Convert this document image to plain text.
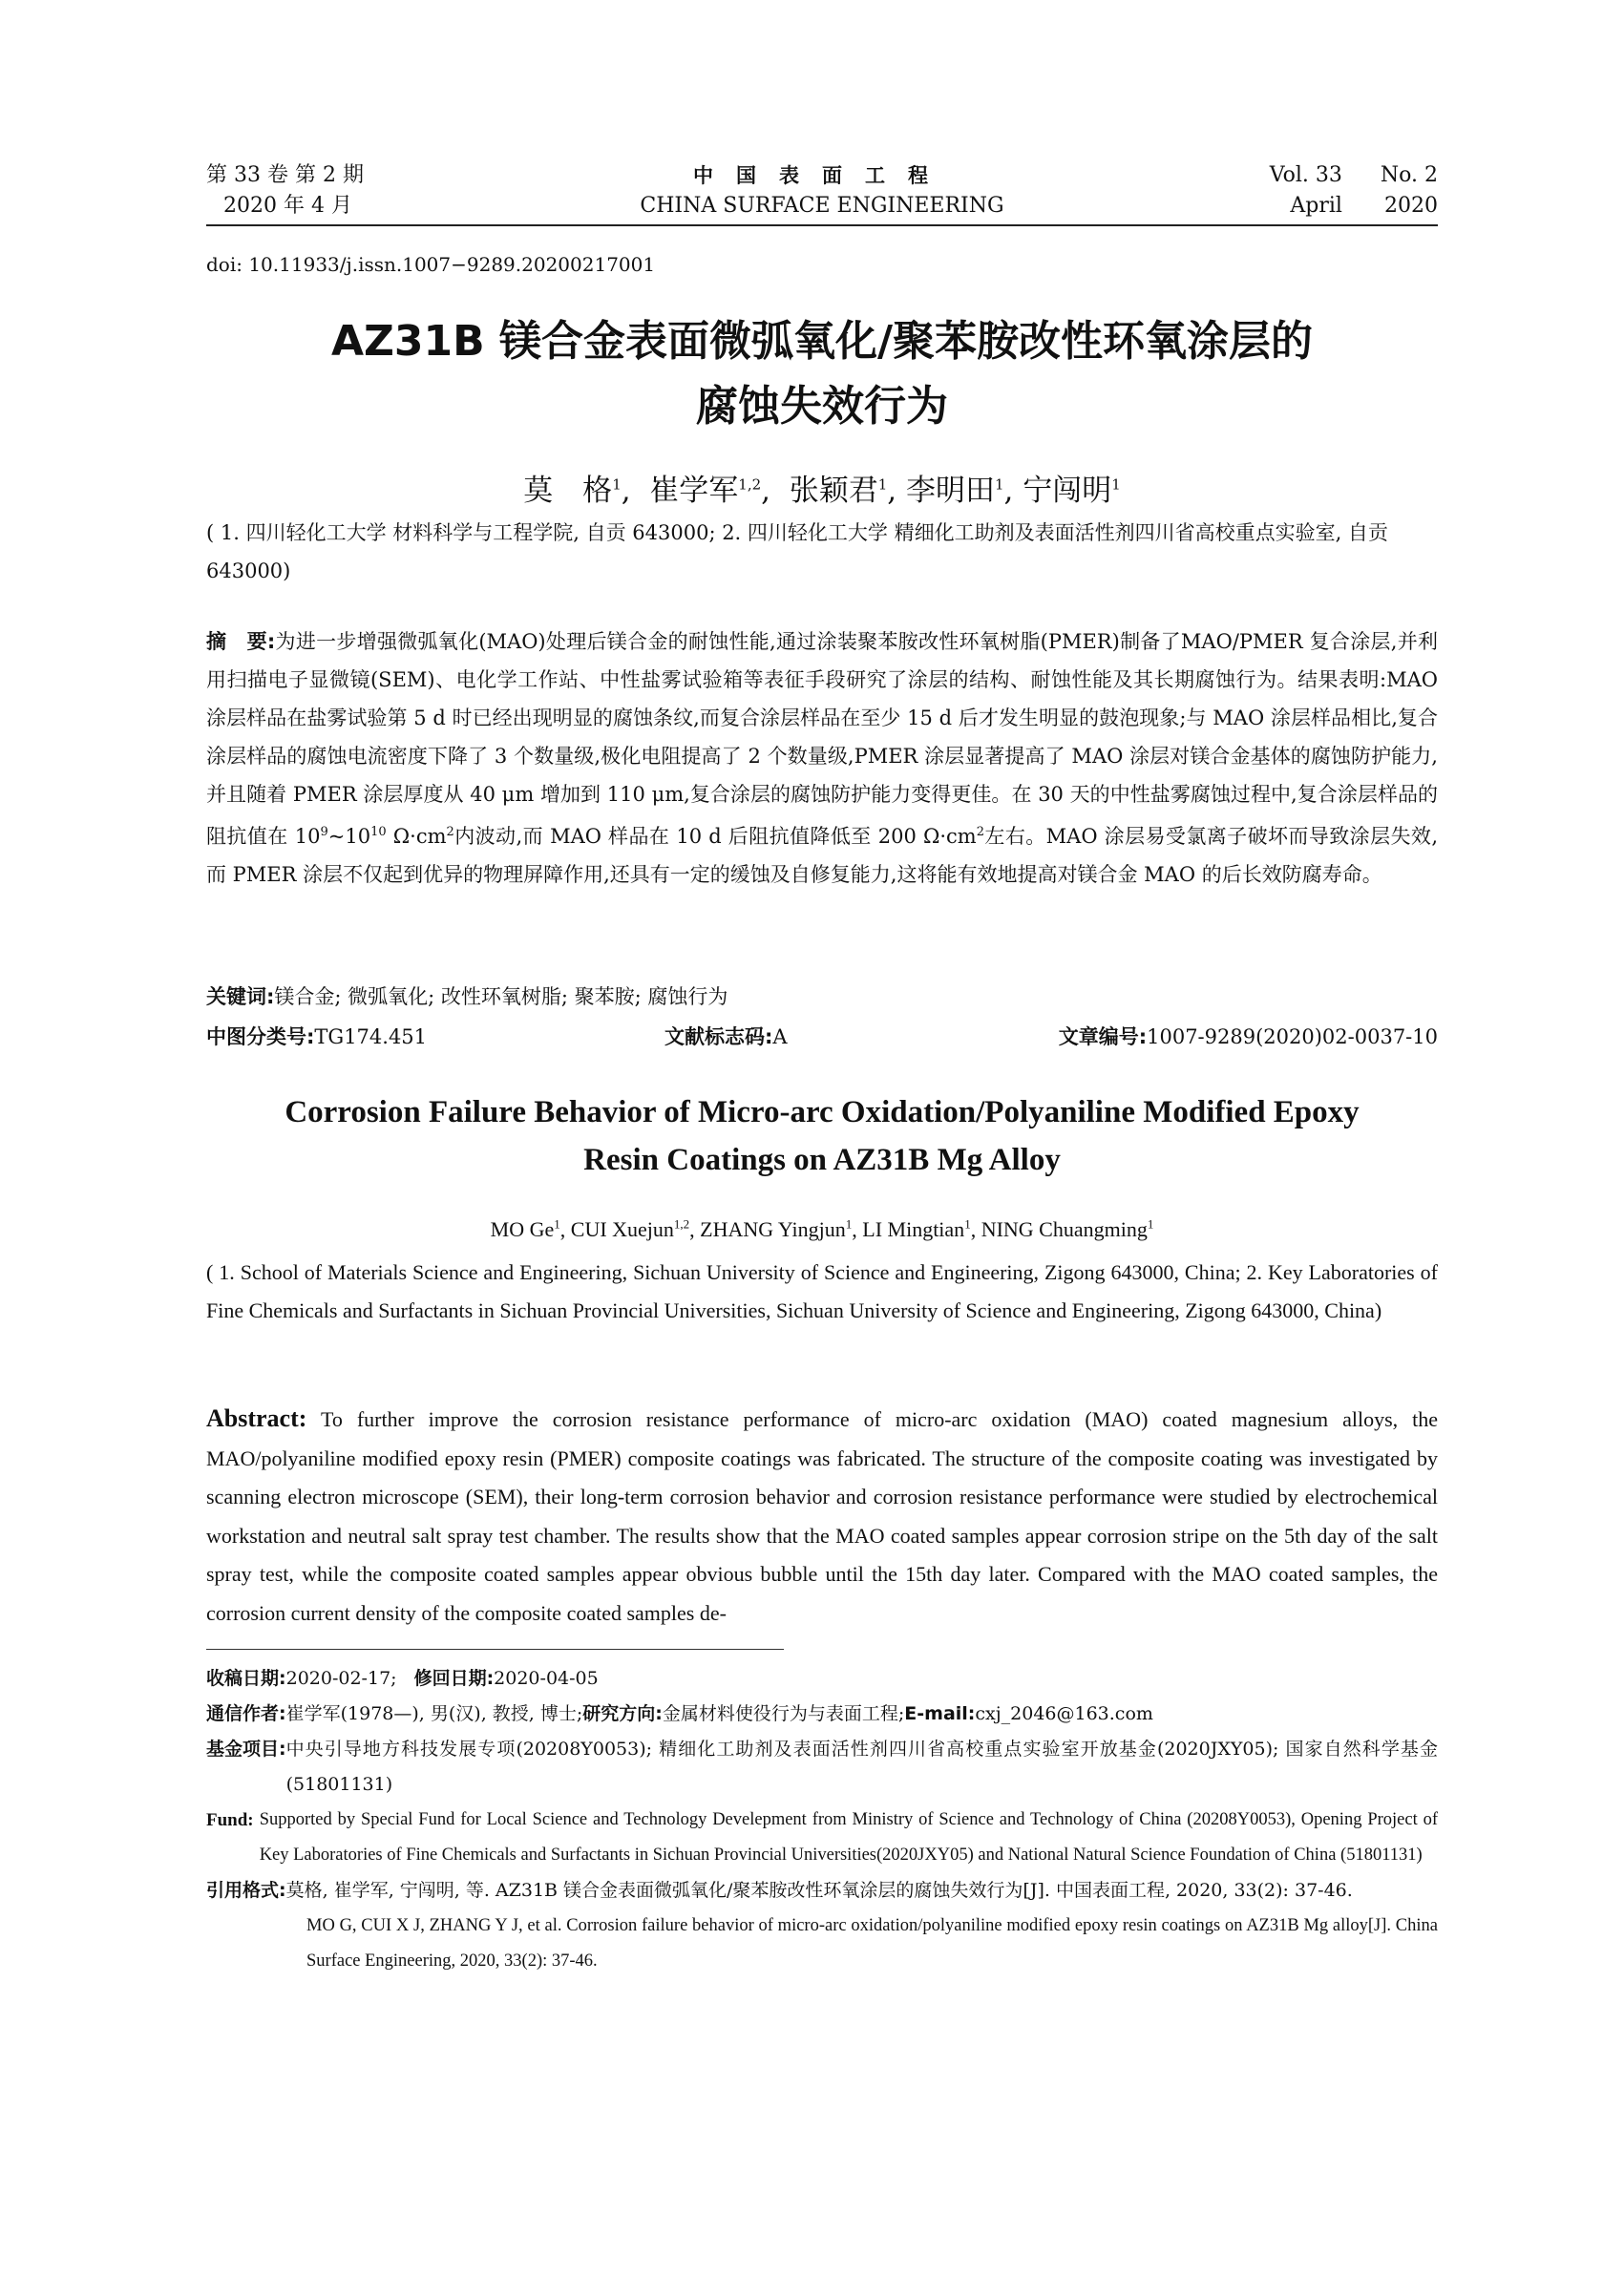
第 33 卷 第 2 期
2020 年 4 月
中国表面工程
CHINA SURFACE ENGINEERING
Vol. 33	No. 2
April	2020
doi: 10.11933/j.issn.1007−9289.20200217001
AZ31B 镁合金表面微弧氧化/聚苯胺改性环氧涂层的
腐蚀失效行为
莫　格$^1$,  崔学军$^{1,2}$,  张颖君$^1$, 李明田$^1$, 宁闯明$^1$
( 1. 四川轻化工大学 材料科学与工程学院, 自贡 643000; 2. 四川轻化工大学 精细化工助剂及表面活性剂四川省高校重点实验室, 自贡 643000)
摘　要:为进一步增强微弧氧化(MAO)处理后镁合金的耐蚀性能,通过涂装聚苯胺改性环氧树脂(PMER)制备了MAO/PMER 复合涂层,并利用扫描电子显微镜(SEM)、电化学工作站、中性盐雾试验箱等表征手段研究了涂层的结构、耐蚀性能及其长期腐蚀行为。结果表明:MAO 涂层样品在盐雾试验第 5 d 时已经出现明显的腐蚀条纹,而复合涂层样品在至少 15 d 后才发生明显的鼓泡现象;与 MAO 涂层样品相比,复合涂层样品的腐蚀电流密度下降了 3 个数量级,极化电阻提高了 2 个数量级,PMER 涂层显著提高了 MAO 涂层对镁合金基体的腐蚀防护能力,并且随着 PMER 涂层厚度从 40 μm 增加到 110 μm,复合涂层的腐蚀防护能力变得更佳。在 30 天的中性盐雾腐蚀过程中,复合涂层样品的阻抗值在 $10^9\sim 10^{10}$ $\Omega\cdot cm^2$内波动,而 MAO 样品在 10 d 后阻抗值降低至 200 $\Omega\cdot cm^2$左右。MAO 涂层易受氯离子破坏而导致涂层失效,而 PMER 涂层不仅起到优异的物理屏障作用,还具有一定的缓蚀及自修复能力,这将能有效地提高对镁合金 MAO 的后长效防腐寿命。
关键词:镁合金; 微弧氧化; 改性环氧树脂; 聚苯胺; 腐蚀行为
中图分类号:TG174.451	文献标志码:A	文章编号:1007-9289(2020)02-0037-10
Corrosion Failure Behavior of Micro-arc Oxidation/Polyaniline Modified Epoxy
Resin Coatings on AZ31B Mg Alloy
MO Ge$^1$, CUI Xuejun$^{1,2}$, ZHANG Yingjun$^1$, LI Mingtian$^1$, NING Chuangming$^1$
( 1. School of Materials Science and Engineering, Sichuan University of Science and Engineering, Zigong 643000, China; 2. Key Laboratories of Fine Chemicals and Surfactants in Sichuan Provincial Universities, Sichuan University of Science and Engineering, Zigong 643000, China)
Abstract: To further improve the corrosion resistance performance of micro-arc oxidation (MAO) coated magnesium alloys, the MAO/polyaniline modified epoxy resin (PMER) composite coatings was fabricated. The structure of the composite coating was investigated by scanning electron microscope (SEM), their long-term corrosion behavior and corrosion resistance performance were studied by electrochemical workstation and neutral salt spray test chamber. The results show that the MAO coated samples appear corrosion stripe on the 5th day of the salt spray test, while the composite coated samples appear obvious bubble until the 15th day later. Compared with the MAO coated samples, the corrosion current density of the composite coated samples de-
收稿日期:2020-02-17; 修回日期:2020-04-05
通信作者:崔学军(1978—), 男(汉), 教授, 博士;研究方向:金属材料使役行为与表面工程;E-mail:cxj_2046@163.com
基金项目: 中央引导地方科技发展专项(20208Y0053); 精细化工助剂及表面活性剂四川省高校重点实验室开放基金(2020JXY05); 国家自然科学基金(51801131)
Fund:
Supported by Special Fund for Local Science and Technology Develepment from Ministry of Science and Technology of China (20208Y0053), Opening Project of Key Laboratories of Fine Chemicals and Surfactants in Sichuan Provincial Universities(2020JXY05) and National Natural Science Foundation of China (51801131)
引用格式: 莫格, 崔学军, 宁闯明, 等. AZ31B 镁合金表面微弧氧化/聚苯胺改性环氧涂层的腐蚀失效行为[J]. 中国表面工程, 2020, 33(2): 37-46.
MO G, CUI X J, ZHANG Y J, et al. Corrosion failure behavior of micro-arc oxidation/polyaniline modified epoxy resin coatings on AZ31B Mg alloy[J]. China Surface Engineering, 2020, 33(2): 37-46.
